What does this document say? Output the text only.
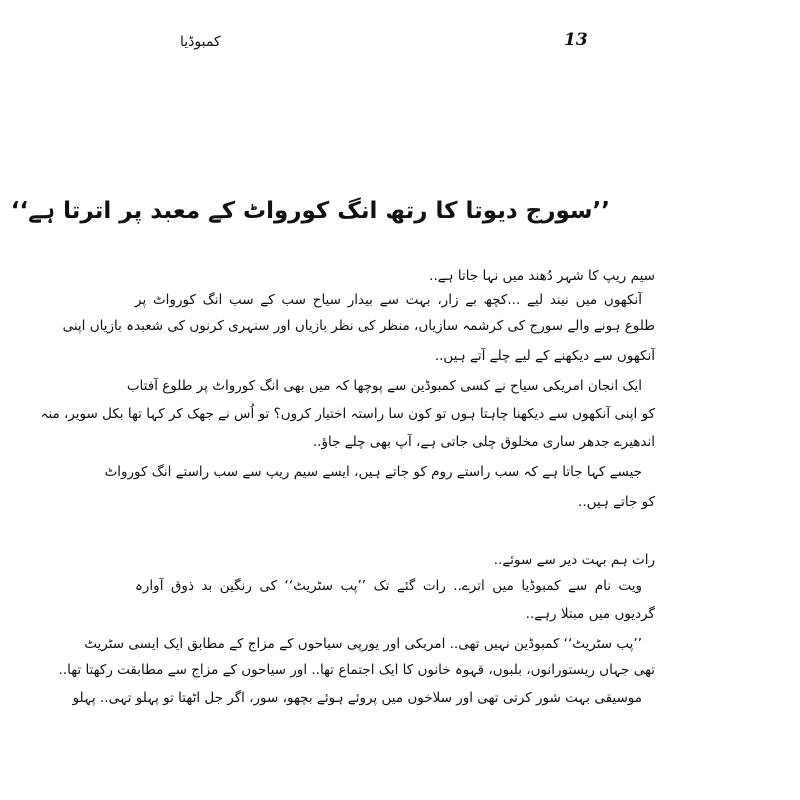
13
کمبوڈیا
’’سورج دیوتا کا رتھ انگ کورواٹ کے معبد پر اترتا ہے‘‘
سیم ریپ کا شہر دُھند میں نہا جاتا ہے..
آنکھوں میں نیند لیے ...کچھ بے زار، بہت سے بیدار سیاح سب کے سب انگ کورواٹ پر
طلوع ہونے والے سورج کی کرشمہ سازیاں، منظر کی نظر بازیاں اور سنہری کرنوں کی شعبدہ بازیاں اپنی
آنکھوں سے دیکھنے کے لیے چلے آتے ہیں..
ایک انجان امریکی سیاح نے کسی کمبوڈین سے پوچھا کہ میں بھی انگ کورواٹ پر طلوع آفتاب
کو اپنی آنکھوں سے دیکھنا چاہتا ہوں تو کون سا راستہ اختیار کروں؟ تو اُس نے جھک کر کہا تھا بکل سویر، منہ
اندھیرے جدھر ساری مخلوق چلی جاتی ہے، آپ بھی چلے جاؤ..
جیسے کہا جاتا ہے کہ سب راستے روم کو جاتے ہیں، ایسے سیم ریپ سے سب راستے انگ کورواٹ
کو جاتے ہیں..
رات ہم بہت دیر سے سوئے..
ویت نام سے کمبوڈیا میں اترے.. رات گئے تک ’’پب سٹریٹ‘‘ کی رنگین بد ذوق آوارہ
گردیوں میں مبتلا رہے..
’’پب سٹریٹ‘‘ کمبوڈین نہیں تھی.. امریکی اور یورپی سیاحوں کے مزاج کے مطابق ایک ایسی سٹریٹ
تھی جہاں ریستورانوں، بلبوں، قہوہ خانوں کا ایک اجتماع تھا.. اور سیاحوں کے مزاج سے مطابقت رکھتا تھا..
موسیقی بہت شور کرتی تھی اور سلاخوں میں پروئے ہوئے بچھو، سور، اگر جل اٹھتا تو پہلو تہی.. پہلو
